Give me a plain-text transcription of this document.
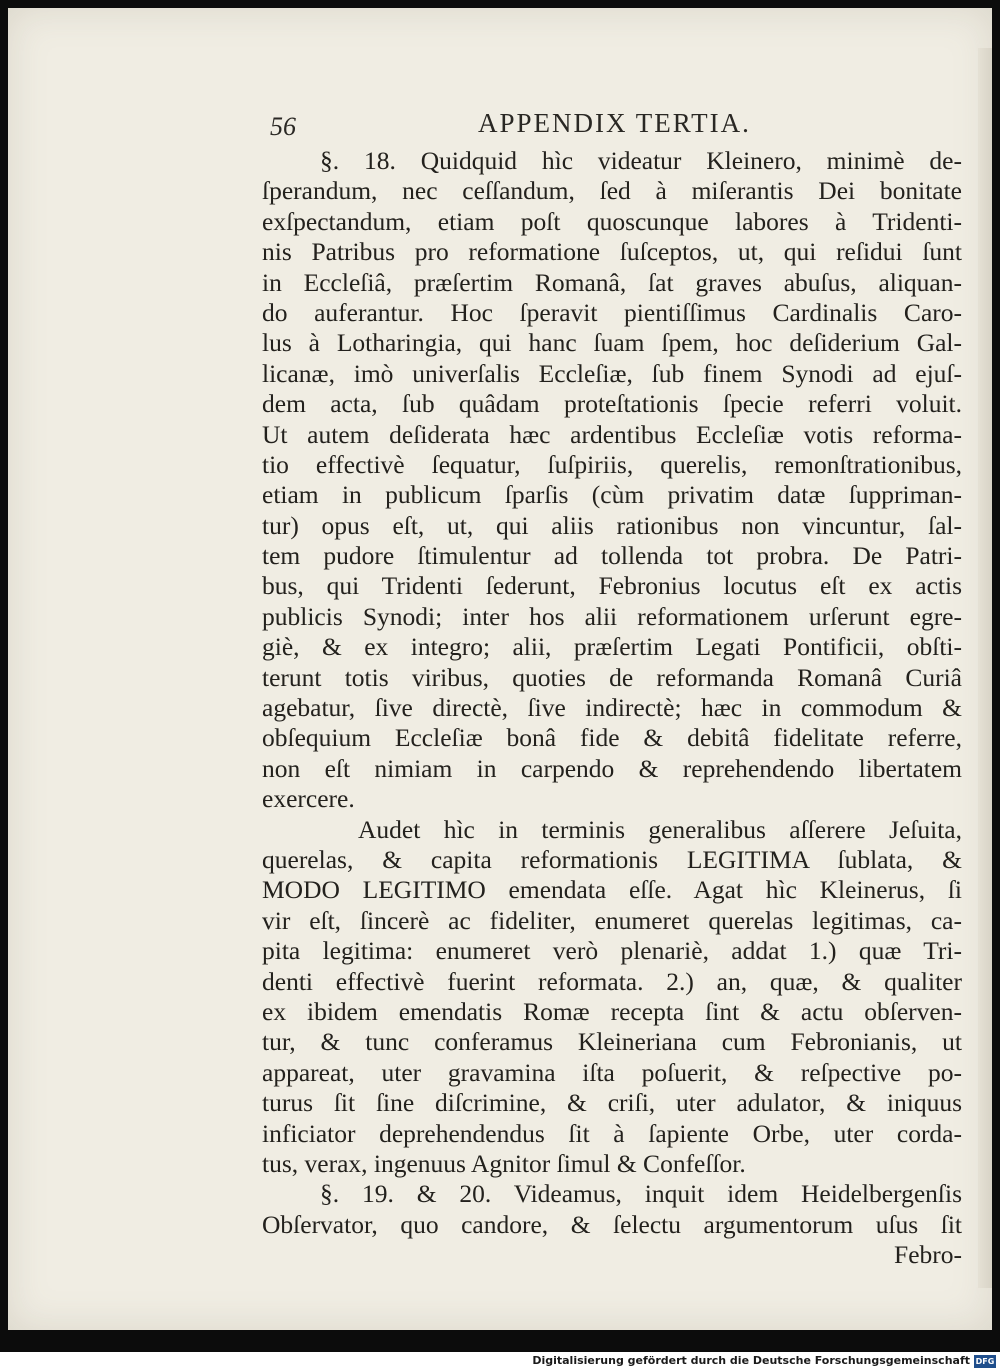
56	APPENDIX TERTIA.
§. 18. Quidquid hìc videatur Kleinero, minimè de-
ſperandum, nec ceſſandum, ſed à miſerantis Dei bonitate
exſpectandum, etiam poſt quoscunque labores à Tridenti-
nis Patribus pro reformatione ſuſceptos, ut, qui reſidui ſunt
in Eccleſiâ, præſertim Romanâ, ſat graves abuſus, aliquan-
do auferantur. Hoc ſperavit pientiſſimus Cardinalis Caro-
lus à Lotharingia, qui hanc ſuam ſpem, hoc deſiderium Gal-
licanæ, imò univerſalis Eccleſiæ, ſub finem Synodi ad ejuſ-
dem acta, ſub quâdam proteſtationis ſpecie referri voluit.
Ut autem deſiderata hæc ardentibus Eccleſiæ votis reforma-
tio effectivè ſequatur, ſuſpiriis, querelis, remonſtrationibus,
etiam in publicum ſparſis (cùm privatim datæ ſuppriman-
tur) opus eſt, ut, qui aliis rationibus non vincuntur, ſal-
tem pudore ſtimulentur ad tollenda tot probra. De Patri-
bus, qui Tridenti ſederunt, Febronius locutus eſt ex actis
publicis Synodi; inter hos alii reformationem urſerunt egre-
giè, & ex integro; alii, præſertim Legati Pontificii, obſti-
terunt totis viribus, quoties de reformanda Romanâ Curiâ
agebatur, ſive directè, ſive indirectè; hæc in commodum &
obſequium Eccleſiæ bonâ fide & debitâ fidelitate referre,
non eſt nimiam in carpendo & reprehendendo libertatem
exercere.
Audet hìc in terminis generalibus aſſerere Jeſuita,
querelas, & capita reformationis LEGITIMA ſublata, &
MODO LEGITIMO emendata eſſe. Agat hìc Kleinerus, ſi
vir eſt, ſincerè ac fideliter, enumeret querelas legitimas, ca-
pita legitima: enumeret verò plenariè, addat 1.) quæ Tri-
denti effectivè fuerint reformata. 2.) an, quæ, & qualiter
ex ibidem emendatis Romæ recepta ſint & actu obſerven-
tur, & tunc conferamus Kleineriana cum Febronianis, ut
appareat, uter gravamina iſta poſuerit, & reſpective po-
turus ſit ſine diſcrimine, & criſi, uter adulator, & iniquus
inficiator deprehendendus ſit à ſapiente Orbe, uter corda-
tus, verax, ingenuus Agnitor ſimul & Confeſſor.
§. 19. & 20. Videamus, inquit idem Heidelbergenſis
Obſervator, quo candore, & ſelectu argumentorum uſus ſit
Febro-
Digitalisierung gefördert durch die Deutsche Forschungsgemeinschaft DFG
